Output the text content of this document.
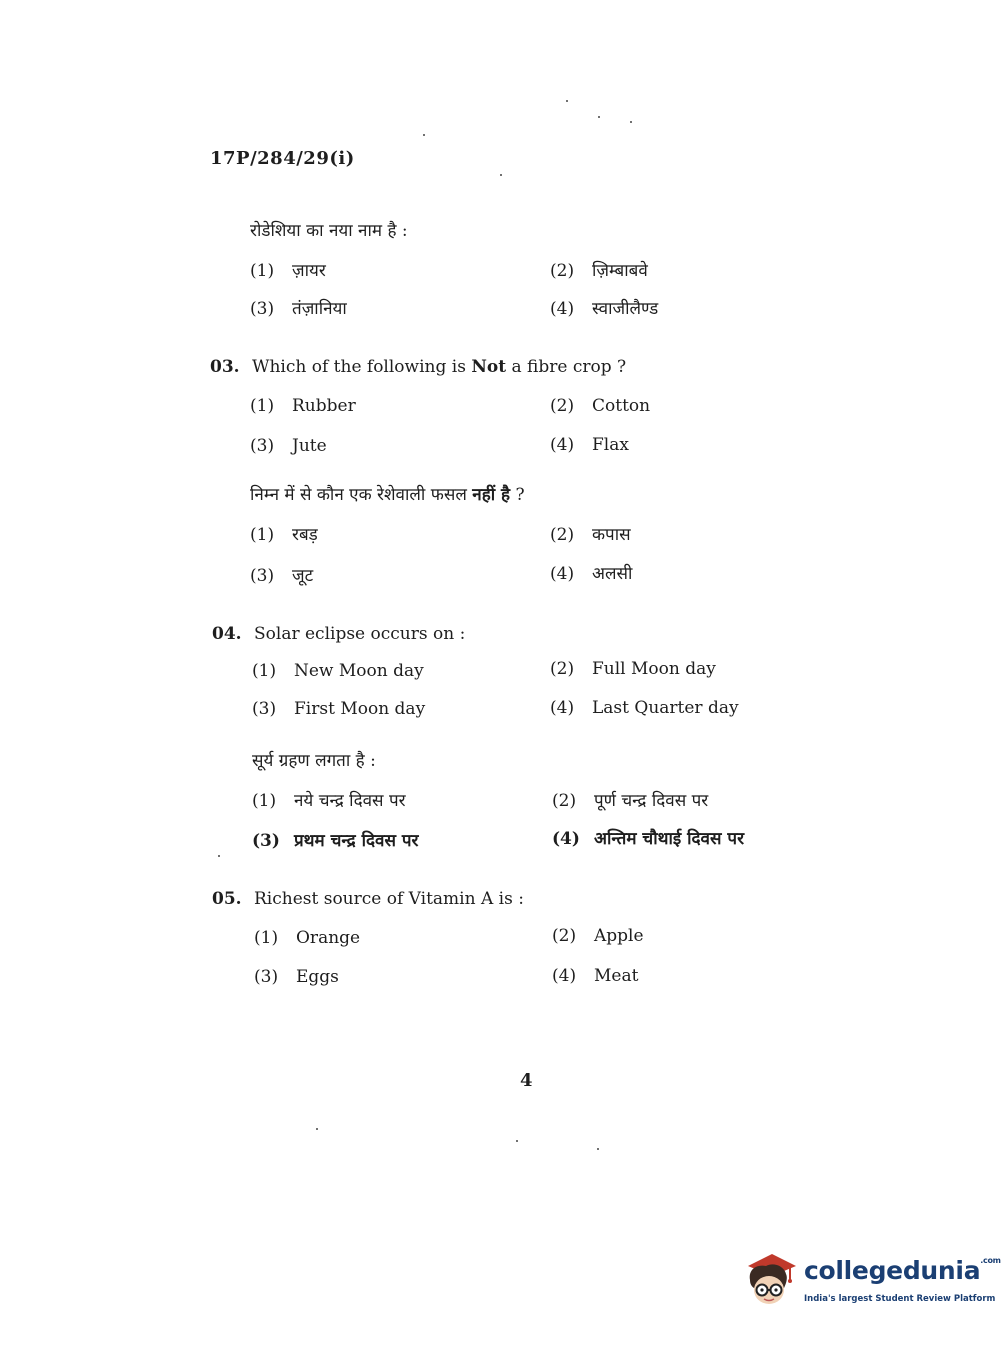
17P/284/29(i)
रोडेशिया का नया नाम है :
(1) ज़ायर	(2) ज़िम्बाबवे
(3) तंज़ानिया	(4) स्वाजीलैण्ड
03. Which of the following is Not a fibre crop ?
(1) Rubber	(2) Cotton
(3) Jute	(4) Flax
निम्न में से कौन एक रेशेवाली फसल नहीं है ?
(1) रबड़	(2) कपास
(3) जूट	(4) अलसी
04. Solar eclipse occurs on :
(1) New Moon day	(2) Full Moon day
(3) First Moon day	(4) Last Quarter day
सूर्य ग्रहण लगता है :
(1) नये चन्द्र दिवस पर	(2) पूर्ण चन्द्र दिवस पर
(3) प्रथम चन्द्र दिवस पर	(4) अन्तिम चौथाई दिवस पर
05. Richest source of Vitamin A is :
(1) Orange	(2) Apple
(3) Eggs	(4) Meat
4
collegedunia$^{.com}$
India's largest Student Review Platform
